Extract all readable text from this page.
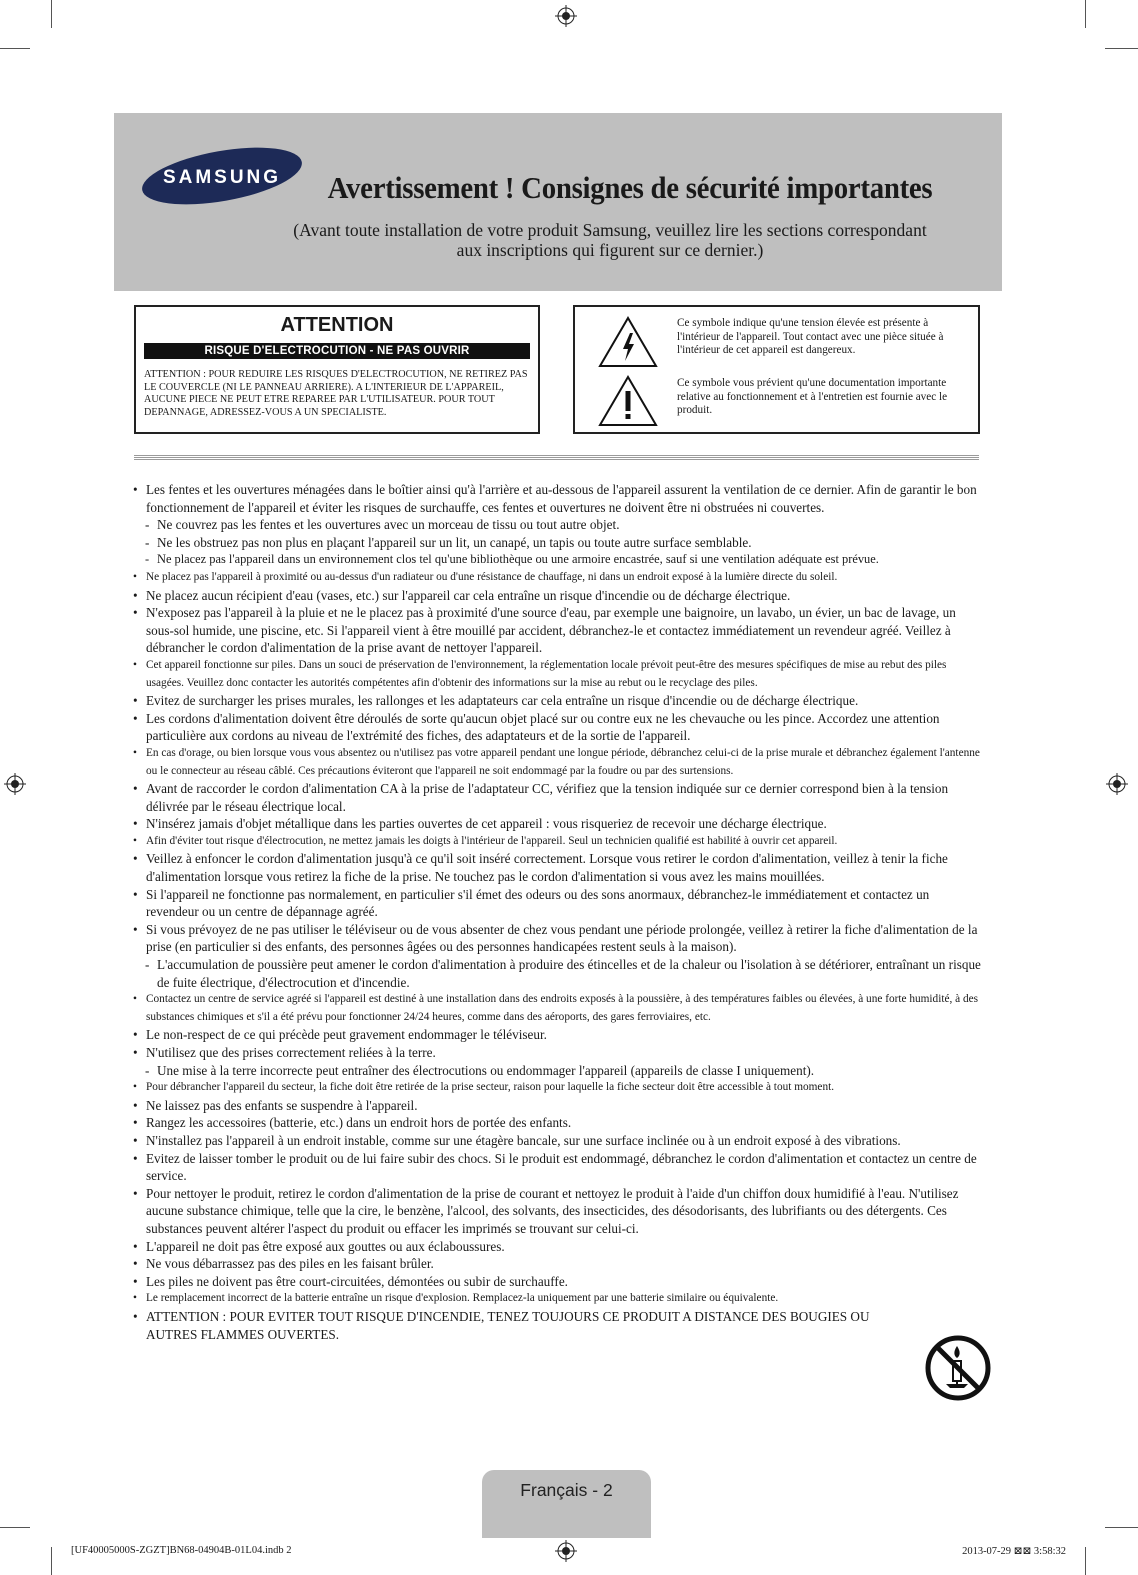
SAMSUNG	Avertissement ! Consignes de sécurité importantes
(Avant toute installation de votre produit Samsung, veuillez lire les sections correspondant
aux inscriptions qui figurent sur ce dernier.)
ATTENTION
RISQUE D'ELECTROCUTION - NE PAS OUVRIR
ATTENTION : POUR REDUIRE LES RISQUES D'ELECTROCUTION, NE RETIREZ PAS LE COUVERCLE (NI LE PANNEAU ARRIERE). A L'INTERIEUR DE L'APPAREIL, AUCUNE PIECE NE PEUT ETRE REPAREE PAR L'UTILISATEUR. POUR TOUT DEPANNAGE, ADRESSEZ-VOUS A UN SPECIALISTE.
Ce symbole indique qu'une tension élevée est présente à l'intérieur de l'appareil. Tout contact avec une pièce située à l'intérieur de cet appareil est dangereux.
Ce symbole vous prévient qu'une documentation importante relative au fonctionnement et à l'entretien est fournie avec le produit.
• Les fentes et les ouvertures ménagées dans le boîtier ainsi qu'à l'arrière et au-dessous de l'appareil assurent la ventilation de ce dernier. Afin de garantir le bon fonctionnement de l'appareil et éviter les risques de surchauffe, ces fentes et ouvertures ne doivent être ni obstruées ni couvertes.
- Ne couvrez pas les fentes et les ouvertures avec un morceau de tissu ou tout autre objet.
- Ne les obstruez pas non plus en plaçant l'appareil sur un lit, un canapé, un tapis ou toute autre surface semblable.
- Ne placez pas l'appareil dans un environnement clos tel qu'une bibliothèque ou une armoire encastrée, sauf si une ventilation adéquate est prévue.
• Ne placez pas l'appareil à proximité ou au-dessus d'un radiateur ou d'une résistance de chauffage, ni dans un endroit exposé à la lumière directe du soleil.
• Ne placez aucun récipient d'eau (vases, etc.) sur l'appareil car cela entraîne un risque d'incendie ou de décharge électrique.
• N'exposez pas l'appareil à la pluie et ne le placez pas à proximité d'une source d'eau, par exemple une baignoire, un lavabo, un évier, un bac de lavage, un sous-sol humide, une piscine, etc. Si l'appareil vient à être mouillé par accident, débranchez-le et contactez immédiatement un revendeur agréé. Veillez à débrancher le cordon d'alimentation de la prise avant de nettoyer l'appareil.
• Cet appareil fonctionne sur piles. Dans un souci de préservation de l'environnement, la réglementation locale prévoit peut-être des mesures spécifiques de mise au rebut des piles usagées. Veuillez donc contacter les autorités compétentes afin d'obtenir des informations sur la mise au rebut ou le recyclage des piles.
• Evitez de surcharger les prises murales, les rallonges et les adaptateurs car cela entraîne un risque d'incendie ou de décharge électrique.
• Les cordons d'alimentation doivent être déroulés de sorte qu'aucun objet placé sur ou contre eux ne les chevauche ou les pince. Accordez une attention particulière aux cordons au niveau de l'extrémité des fiches, des adaptateurs et de la sortie de l'appareil.
• En cas d'orage, ou bien lorsque vous vous absentez ou n'utilisez pas votre appareil pendant une longue période, débranchez celui-ci de la prise murale et débranchez également l'antenne ou le connecteur au réseau câblé. Ces précautions éviteront que l'appareil ne soit endommagé par la foudre ou par des surtensions.
• Avant de raccorder le cordon d'alimentation CA à la prise de l'adaptateur CC, vérifiez que la tension indiquée sur ce dernier correspond bien à la tension délivrée par le réseau électrique local.
• N'insérez jamais d'objet métallique dans les parties ouvertes de cet appareil : vous risqueriez de recevoir une décharge électrique.
• Afin d'éviter tout risque d'électrocution, ne mettez jamais les doigts à l'intérieur de l'appareil. Seul un technicien qualifié est habilité à ouvrir cet appareil.
• Veillez à enfoncer le cordon d'alimentation jusqu'à ce qu'il soit inséré correctement. Lorsque vous retirer le cordon d'alimentation, veillez à tenir la fiche d'alimentation lorsque vous retirez la fiche de la prise. Ne touchez pas le cordon d'alimentation si vous avez les mains mouillées.
• Si l'appareil ne fonctionne pas normalement, en particulier s'il émet des odeurs ou des sons anormaux, débranchez-le immédiatement et contactez un revendeur ou un centre de dépannage agréé.
• Si vous prévoyez de ne pas utiliser le téléviseur ou de vous absenter de chez vous pendant une période prolongée, veillez à retirer la fiche d'alimentation de la prise (en particulier si des enfants, des personnes âgées ou des personnes handicapées restent seuls à la maison).
- L'accumulation de poussière peut amener le cordon d'alimentation à produire des étincelles et de la chaleur ou l'isolation à se détériorer, entraînant un risque de fuite électrique, d'électrocution et d'incendie.
• Contactez un centre de service agréé si l'appareil est destiné à une installation dans des endroits exposés à la poussière, à des températures faibles ou élevées, à une forte humidité, à des substances chimiques et s'il a été prévu pour fonctionner 24/24 heures, comme dans des aéroports, des gares ferroviaires, etc.
• Le non-respect de ce qui précède peut gravement endommager le téléviseur.
• N'utilisez que des prises correctement reliées à la terre.
- Une mise à la terre incorrecte peut entraîner des électrocutions ou endommager l'appareil (appareils de classe I uniquement).
• Pour débrancher l'appareil du secteur, la fiche doit être retirée de la prise secteur, raison pour laquelle la fiche secteur doit être accessible à tout moment.
• Ne laissez pas des enfants se suspendre à l'appareil.
• Rangez les accessoires (batterie, etc.) dans un endroit hors de portée des enfants.
• N'installez pas l'appareil à un endroit instable, comme sur une étagère bancale, sur une surface inclinée ou à un endroit exposé à des vibrations.
• Evitez de laisser tomber le produit ou de lui faire subir des chocs. Si le produit est endommagé, débranchez le cordon d'alimentation et contactez un centre de service.
• Pour nettoyer le produit, retirez le cordon d'alimentation de la prise de courant et nettoyez le produit à l'aide d'un chiffon doux humidifié à l'eau. N'utilisez aucune substance chimique, telle que la cire, le benzène, l'alcool, des solvants, des insecticides, des désodorisants, des lubrifiants ou des détergents. Ces substances peuvent altérer l'aspect du produit ou effacer les imprimés se trouvant sur celui-ci.
• L'appareil ne doit pas être exposé aux gouttes ou aux éclaboussures.
• Ne vous débarrassez pas des piles en les faisant brûler.
• Les piles ne doivent pas être court-circuitées, démontées ou subir de surchauffe.
• Le remplacement incorrect de la batterie entraîne un risque d'explosion. Remplacez-la uniquement par une batterie similaire ou équivalente.
• ATTENTION : POUR EVITER TOUT RISQUE D'INCENDIE, TENEZ TOUJOURS CE PRODUIT A DISTANCE DES BOUGIES OU AUTRES FLAMMES OUVERTES.
Français - 2
[UF40005000S-ZGZT]BN68-04904B-01L04.indb 2	2013-07-29 ⊠⊠ 3:58:32
